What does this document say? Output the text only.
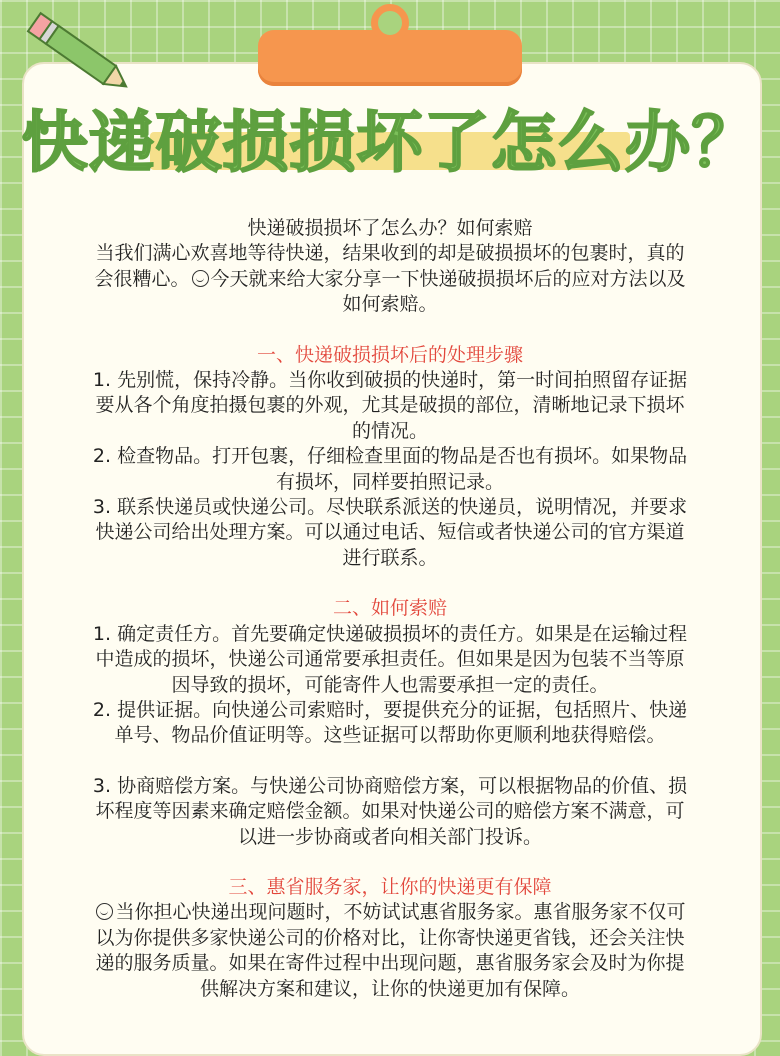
快递破损损坏了怎么办？

快递破损损坏了怎么办？如何索赔

当我们满心欢喜地等待快递，结果收到的却是破损损坏的包裹时，真的

会很糟心。 今天就来给大家分享一下快递破损损坏后的应对方法以及

如何索赔。

一、快递破损损坏后的处理步骤

1. 先别慌，保持冷静。当你收到破损的快递时，第一时间拍照留存证据

要从各个角度拍摄包裹的外观，尤其是破损的部位，清晰地记录下损坏

的情况。

2. 检查物品。打开包裹，仔细检查里面的物品是否也有损坏。如果物品

有损坏，同样要拍照记录。

3. 联系快递员或快递公司。尽快联系派送的快递员，说明情况，并要求

快递公司给出处理方案。可以通过电话、短信或者快递公司的官方渠道

进行联系。

二、如何索赔

1. 确定责任方。首先要确定快递破损损坏的责任方。如果是在运输过程

中造成的损坏，快递公司通常要承担责任。但如果是因为包装不当等原

因导致的损坏，可能寄件人也需要承担一定的责任。

2. 提供证据。向快递公司索赔时，要提供充分的证据，包括照片、快递

单号、物品价值证明等。这些证据可以帮助你更顺利地获得赔偿。

3. 协商赔偿方案。与快递公司协商赔偿方案，可以根据物品的价值、损

坏程度等因素来确定赔偿金额。如果对快递公司的赔偿方案不满意，可

以进一步协商或者向相关部门投诉。

三、惠省服务家，让你的快递更有保障

当你担心快递出现问题时，不妨试试惠省服务家。惠省服务家不仅可

以为你提供多家快递公司的价格对比，让你寄快递更省钱，还会关注快

递的服务质量。如果在寄件过程中出现问题，惠省服务家会及时为你提

供解决方案和建议，让你的快递更加有保障。
